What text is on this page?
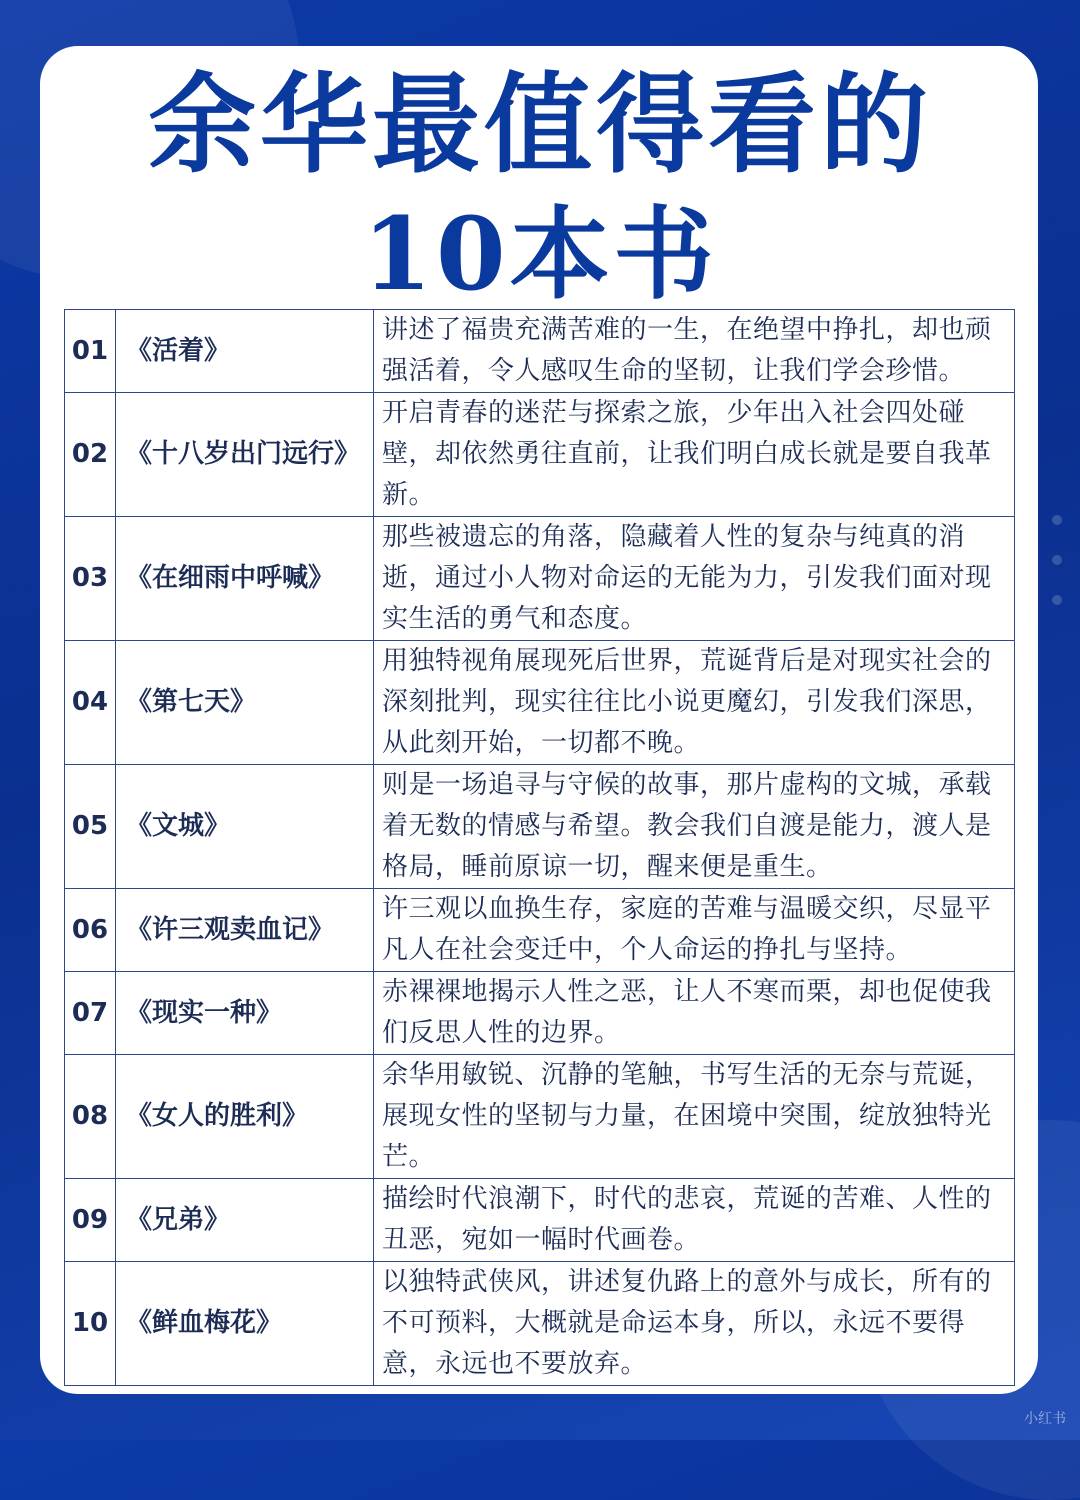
余华最值得看的
10本书
01	《活着》	讲述了福贵充满苦难的一生，在绝望中挣扎，却也顽强活着，令人感叹生命的坚韧，让我们学会珍惜。
02	《十八岁出门远行》	开启青春的迷茫与探索之旅，少年出入社会四处碰壁，却依然勇往直前，让我们明白成长就是要自我革新。
03	《在细雨中呼喊》	那些被遗忘的角落，隐藏着人性的复杂与纯真的消逝，通过小人物对命运的无能为力，引发我们面对现实生活的勇气和态度。
04	《第七天》	用独特视角展现死后世界，荒诞背后是对现实社会的深刻批判，现实往往比小说更魔幻，引发我们深思，从此刻开始，一切都不晚。
05	《文城》	则是一场追寻与守候的故事，那片虚构的文城，承载着无数的情感与希望。教会我们自渡是能力，渡人是格局，睡前原谅一切，醒来便是重生。
06	《许三观卖血记》	许三观以血换生存，家庭的苦难与温暖交织，尽显平凡人在社会变迁中，个人命运的挣扎与坚持。
07	《现实一种》	赤裸裸地揭示人性之恶，让人不寒而栗，却也促使我们反思人性的边界。
08	《女人的胜利》	余华用敏锐、沉静的笔触，书写生活的无奈与荒诞，展现女性的坚韧与力量，在困境中突围，绽放独特光芒。
09	《兄弟》	描绘时代浪潮下，时代的悲哀，荒诞的苦难、人性的丑恶，宛如一幅时代画卷。
10	《鲜血梅花》	以独特武侠风，讲述复仇路上的意外与成长，所有的不可预料，大概就是命运本身，所以，永远不要得意，永远也不要放弃。
小红书
